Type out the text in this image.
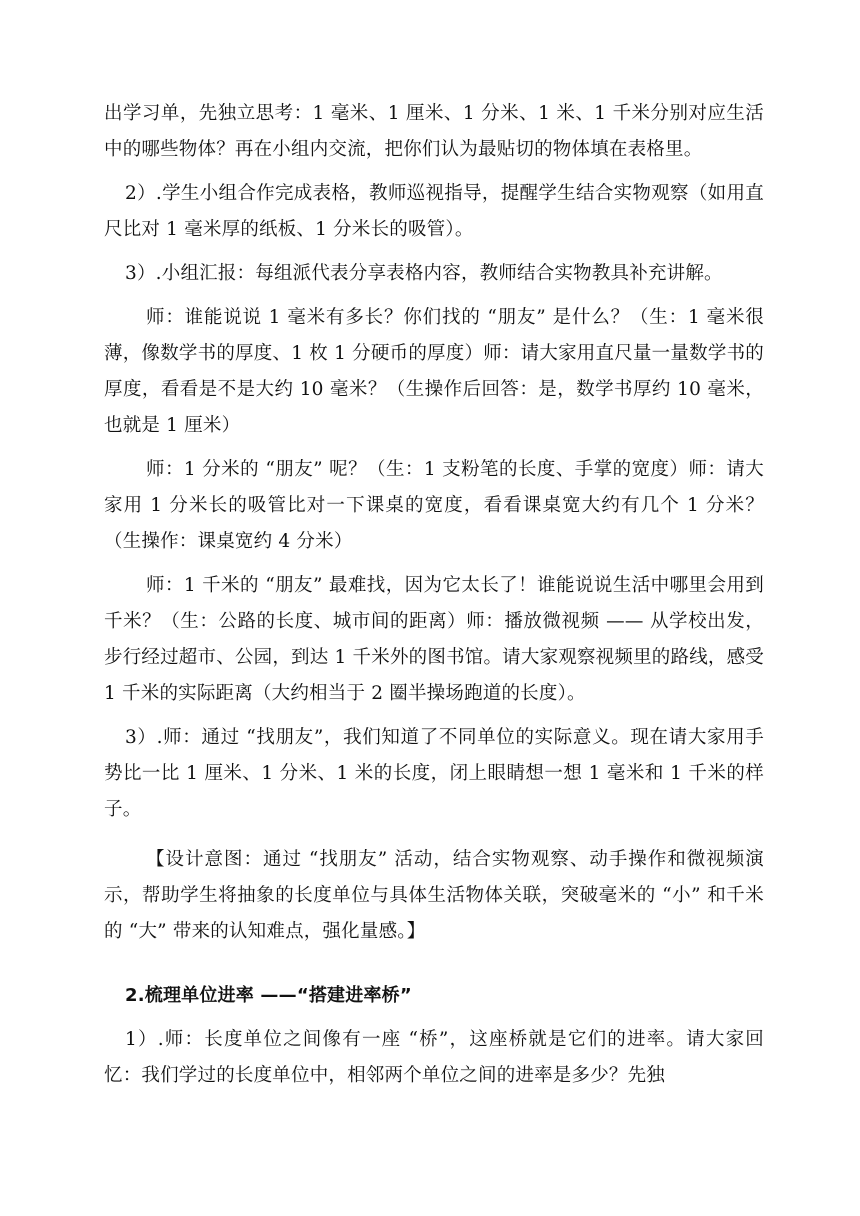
出学习单，先独立思考：1 毫米、1 厘米、1 分米、1 米、1 千米分别对应生活中的哪些物体？再在小组内交流，把你们认为最贴切的物体填在表格里。

2）.学生小组合作完成表格，教师巡视指导，提醒学生结合实物观察（如用直尺比对 1 毫米厚的纸板、1 分米长的吸管）。

3）.小组汇报：每组派代表分享表格内容，教师结合实物教具补充讲解。

师：谁能说说 1 毫米有多长？你们找的 “朋友” 是什么？（生：1 毫米很薄，像数学书的厚度、1 枚 1 分硬币的厚度）师：请大家用直尺量一量数学书的厚度，看看是不是大约 10 毫米？（生操作后回答：是，数学书厚约 10 毫米，也就是 1 厘米）

师：1 分米的 “朋友” 呢？（生：1 支粉笔的长度、手掌的宽度）师：请大家用 1 分米长的吸管比对一下课桌的宽度，看看课桌宽大约有几个 1 分米？（生操作：课桌宽约 4 分米）

师：1 千米的 “朋友” 最难找，因为它太长了！谁能说说生活中哪里会用到千米？（生：公路的长度、城市间的距离）师：播放微视频 —— 从学校出发，步行经过超市、公园，到达 1 千米外的图书馆。请大家观察视频里的路线，感受 1 千米的实际距离（大约相当于 2 圈半操场跑道的长度）。

3）.师：通过 “找朋友”，我们知道了不同单位的实际意义。现在请大家用手势比一比 1 厘米、1 分米、1 米的长度，闭上眼睛想一想 1 毫米和 1 千米的样子。

【设计意图：通过 “找朋友” 活动，结合实物观察、动手操作和微视频演示，帮助学生将抽象的长度单位与具体生活物体关联，突破毫米的 “小” 和千米的 “大” 带来的认知难点，强化量感。】

2.梳理单位进率 ——“搭建进率桥”

1）.师：长度单位之间像有一座 “桥”，这座桥就是它们的进率。请大家回忆：我们学过的长度单位中，相邻两个单位之间的进率是多少？先独
